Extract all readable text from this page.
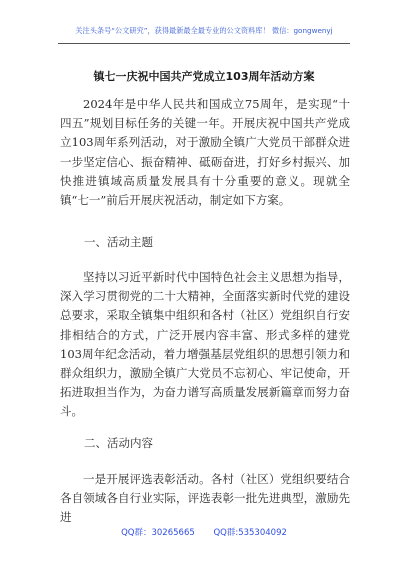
关注头条号“公文研究”，获得最新最全最专业的公文资料库！ 微信：gongwenyj
镇七一庆祝中国共产党成立103周年活动方案

2024年是中华人民共和国成立75周年，是实现“十四五”规划目标任务的关键一年。开展庆祝中国共产党成立103周年系列活动，对于激励全镇广大党员干部群众进一步坚定信心、振奋精神、砥砺奋进，打好乡村振兴、加快推进镇域高质量发展具有十分重要的意义。现就全镇“七一”前后开展庆祝活动，制定如下方案。

一、活动主题

坚持以习近平新时代中国特色社会主义思想为指导，深入学习贯彻党的二十大精神，全面落实新时代党的建设总要求，采取全镇集中组织和各村（社区）党组织自行安排相结合的方式，广泛开展内容丰富、形式多样的建党103周年纪念活动，着力增强基层党组织的思想引领力和群众组织力，激励全镇广大党员不忘初心、牢记使命，开拓进取担当作为，为奋力谱写高质量发展新篇章而努力奋斗。

二、活动内容

一是开展评选表彰活动。各村（社区）党组织要结合各自领域各自行业实际，评选表彰一批先进典型，激励先进

QQ群：30265665 QQ群:535304092
